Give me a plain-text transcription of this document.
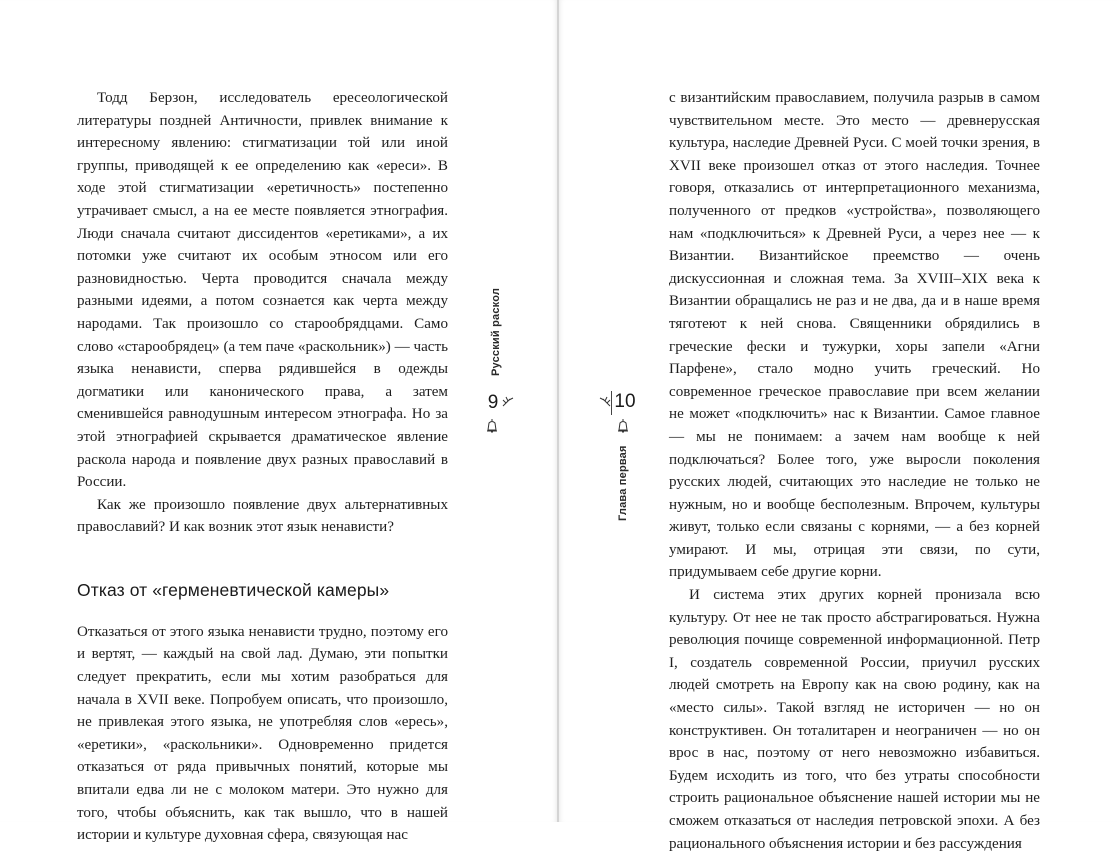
Тодд Берзон, исследователь ересеологической литературы поздней Античности, привлек внимание к интересному явлению: стигматизации той или иной группы, приводящей к ее определению как «ереси». В ходе этой стигматизации «еретичность» постепенно утрачивает смысл, а на ее месте появляется этнография. Люди сначала считают диссидентов «еретиками», а их потомки уже считают их особым этносом или его разновидностью. Черта проводится сначала между разными идеями, а потом сознается как черта между народами. Так произошло со старообрядцами. Само слово «старообрядец» (а тем паче «раскольник») — часть языка ненависти, сперва рядившейся в одежды догматики или канонического права, а затем сменившейся равнодушным интересом этнографа. Но за этой этнографией скрывается драматическое явление раскола народа и появление двух разных православий в России.

Как же произошло появление двух альтернативных православий? И как возник этот язык ненависти?

Отказ от «герменевтической камеры»

Отказаться от этого языка ненависти трудно, поэтому его и вертят, — каждый на свой лад. Думаю, эти попытки следует прекратить, если мы хотим разобраться для начала в XVII веке. Попробуем описать, что произошло, не привлекая этого языка, не употребляя слов «ересь», «еретики», «раскольники». Одновременно придется отказаться от ряда привычных понятий, которые мы впитали едва ли не с молоком матери. Это нужно для того, чтобы объяснить, как так вышло, что в нашей истории и культуре духовная сфера, связующая нас

Русский раскол
9
Глава первая
10

с византийским православием, получила разрыв в самом чувствительном месте. Это место — древнерусская культура, наследие Древней Руси. С моей точки зрения, в XVII веке произошел отказ от этого наследия. Точнее говоря, отказались от интерпретационного механизма, полученного от предков «устройства», позволяющего нам «подключиться» к Древней Руси, а через нее — к Византии. Византийское преемство — очень дискуссионная и сложная тема. За XVIII–XIX века к Византии обращались не раз и не два, да и в наше время тяготеют к ней снова. Священники обрядились в греческие фески и тужурки, хоры запели «Агни Парфене», стало модно учить греческий. Но современное греческое православие при всем желании не может «подключить» нас к Византии. Самое главное — мы не понимаем: а зачем нам вообще к ней подключаться? Более того, уже выросли поколения русских людей, считающих это наследие не только не нужным, но и вообще бесполезным. Впрочем, культуры живут, только если связаны с корнями, — а без корней умирают. И мы, отрицая эти связи, по сути, придумываем себе другие корни.

И система этих других корней пронизала всю культуру. От нее не так просто абстрагироваться. Нужна революция почище современной информационной. Петр I, создатель современной России, приучил русских людей смотреть на Европу как на свою родину, как на «место силы». Такой взгляд не историчен — но он конструктивен. Он тоталитарен и неограничен — но он врос в нас, поэтому от него невозможно избавиться. Будем исходить из того, что без утраты способности строить рациональное объяснение нашей истории мы не сможем отказаться от наследия петровской эпохи. А без рационального объяснения истории и без рассуждения
